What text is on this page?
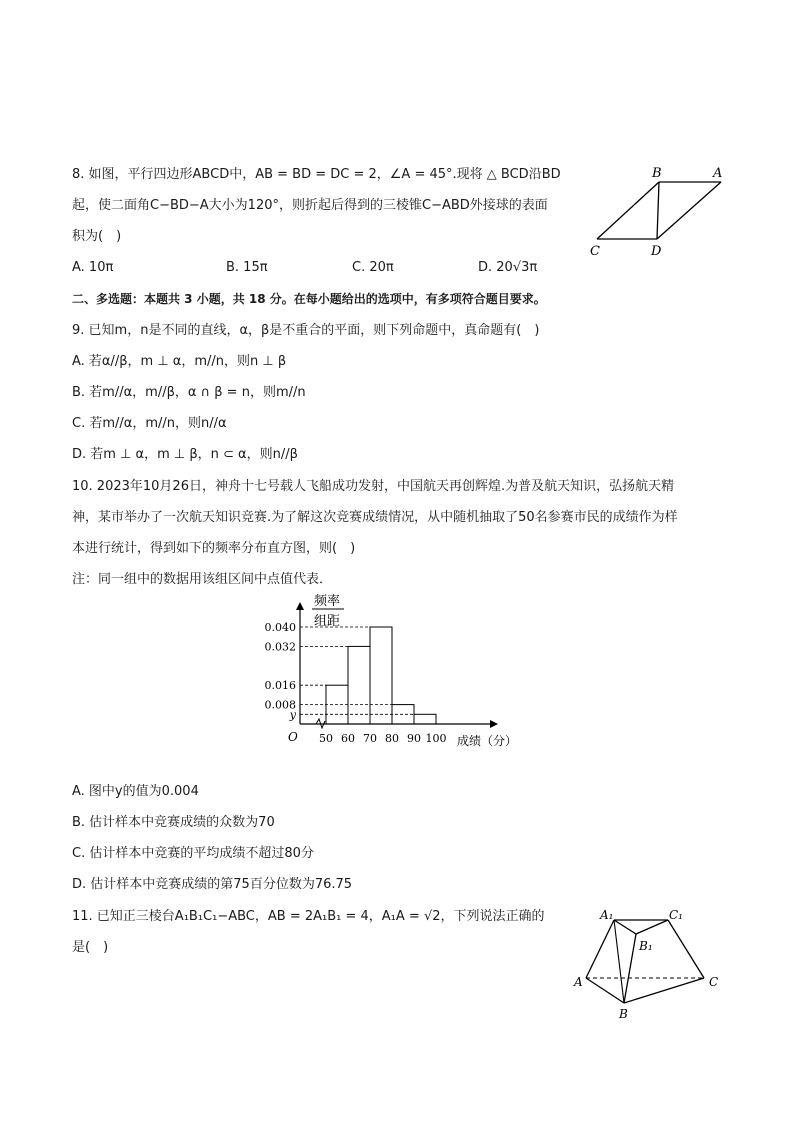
8. 如图，平行四边形ABCD中，AB = BD = DC = 2，∠A = 45°.现将 △ BCD沿BD
起，使二面角C−BD−A大小为120°，则折起后得到的三棱锥C−ABD外接球的表面
积为(　)
A. 10π	B. 15π	C. 20π	D. 20√3π
B	A
C	D
二、多选题：本题共 3 小题，共 18 分。在每小题给出的选项中，有多项符合题目要求。
9. 已知m，n是不同的直线，α，β是不重合的平面，则下列命题中，真命题有(　)
A. 若α//β，m ⊥ α，m//n，则n ⊥ β
B. 若m//α，m//β，α ∩ β = n，则m//n
C. 若m//α，m//n，则n//α
D. 若m ⊥ α，m ⊥ β，n ⊂ α，则n//β
10. 2023年10月26日，神舟十七号载人飞船成功发射，中国航天再创辉煌.为普及航天知识，弘扬航天精
神，某市举办了一次航天知识竞赛.为了解这次竞赛成绩情况，从中随机抽取了50名参赛市民的成绩作为样
本进行统计，得到如下的频率分布直方图，则(　)
注：同一组中的数据用该组区间中点值代表．
频率
组距
O	成绩（分）
0.040
0.032
0.016
0.008
y
50 60 70 80 90 100
A. 图中y的值为0.004
B. 估计样本中竞赛成绩的众数为70
C. 估计样本中竞赛的平均成绩不超过80分
D. 估计样本中竞赛成绩的第75百分位数为76.75
11. 已知正三棱台A₁B₁C₁−ABC，AB = 2A₁B₁ = 4，A₁A = √2，下列说法正确的
是(　)
A₁	C₁
B₁
A	C
B
